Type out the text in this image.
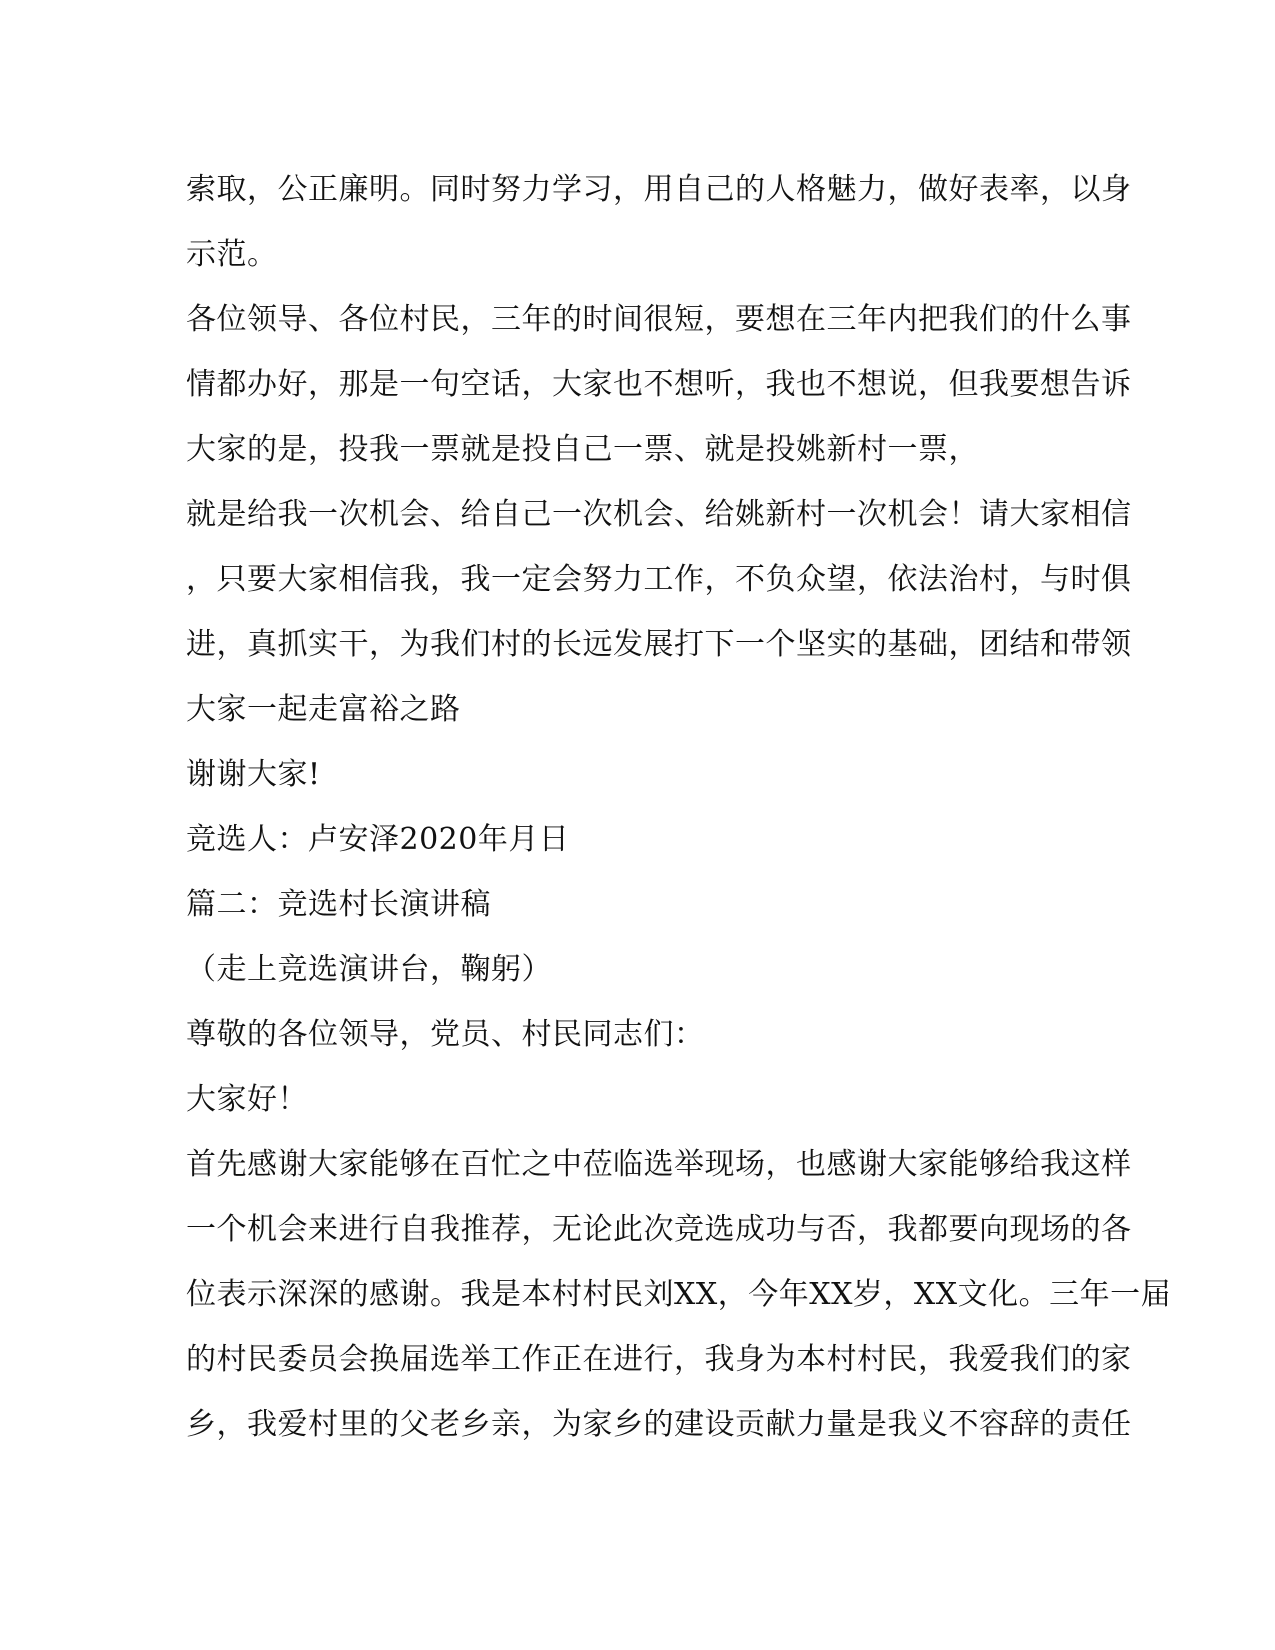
索取，公正廉明。同时努力学习，用自己的人格魅力，做好表率，以身
示范。
各位领导、各位村民，三年的时间很短，要想在三年内把我们的什么事
情都办好，那是一句空话，大家也不想听，我也不想说，但我要想告诉
大家的是，投我一票就是投自己一票、就是投姚新村一票，
就是给我一次机会、给自己一次机会、给姚新村一次机会！请大家相信
，只要大家相信我，我一定会努力工作，不负众望，依法治村，与时俱
进，真抓实干，为我们村的长远发展打下一个坚实的基础，团结和带领
大家一起走富裕之路
谢谢大家!
竞选人：卢安泽2020年月日
篇二：竞选村长演讲稿
（走上竞选演讲台，鞠躬）
尊敬的各位领导，党员、村民同志们：
大家好！
首先感谢大家能够在百忙之中莅临选举现场，也感谢大家能够给我这样
一个机会来进行自我推荐，无论此次竞选成功与否，我都要向现场的各
位表示深深的感谢。我是本村村民刘XX，今年XX岁，XX文化。三年一届
的村民委员会换届选举工作正在进行，我身为本村村民，我爱我们的家
乡，我爱村里的父老乡亲，为家乡的建设贡献力量是我义不容辞的责任
